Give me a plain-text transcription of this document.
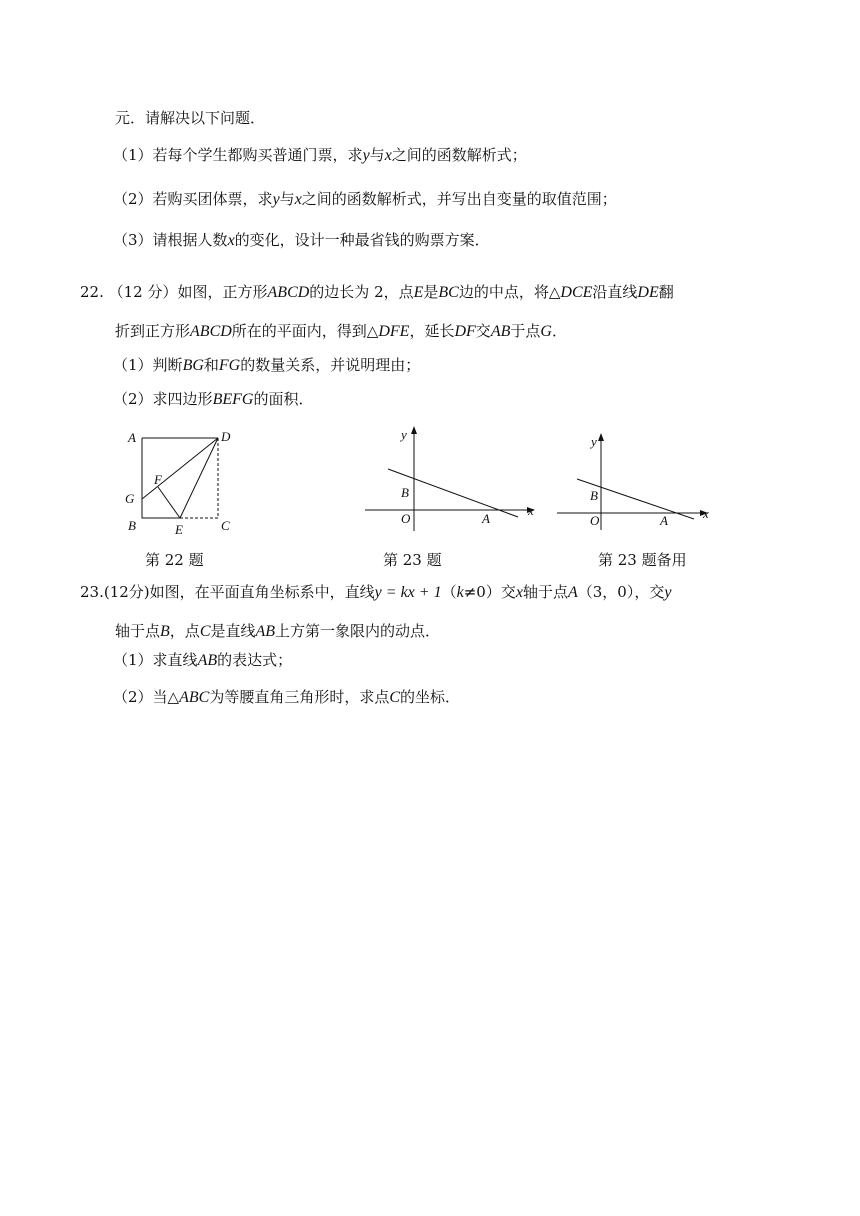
元．请解决以下问题．
（1）若每个学生都购买普通门票，求y与x之间的函数解析式；
（2）若购买团体票，求y与x之间的函数解析式，并写出自变量的取值范围；
（3）请根据人数x的变化，设计一种最省钱的购票方案．
22. （12 分）如图，正方形ABCD的边长为 2，点E是BC边的中点，将△DCE沿直线DE翻
折到正方形ABCD所在的平面内，得到△DFE，延长DF交AB于点G．
（1）判断BG和FG的数量关系，并说明理由；
（2）求四边形BEFG的面积．
A	D
F
G
B	E	C
y
x
B
O	A
y
x
B
O	A
第 22 题	第 23 题	第 23 题备用
23.(12分)如图，在平面直角坐标系中，直线y = kx + 1（k≠0）交x轴于点A（3，0），交y
轴于点B，点C是直线AB上方第一象限内的动点．
（1）求直线AB的表达式；
（2）当△ABC为等腰直角三角形时，求点C的坐标．
